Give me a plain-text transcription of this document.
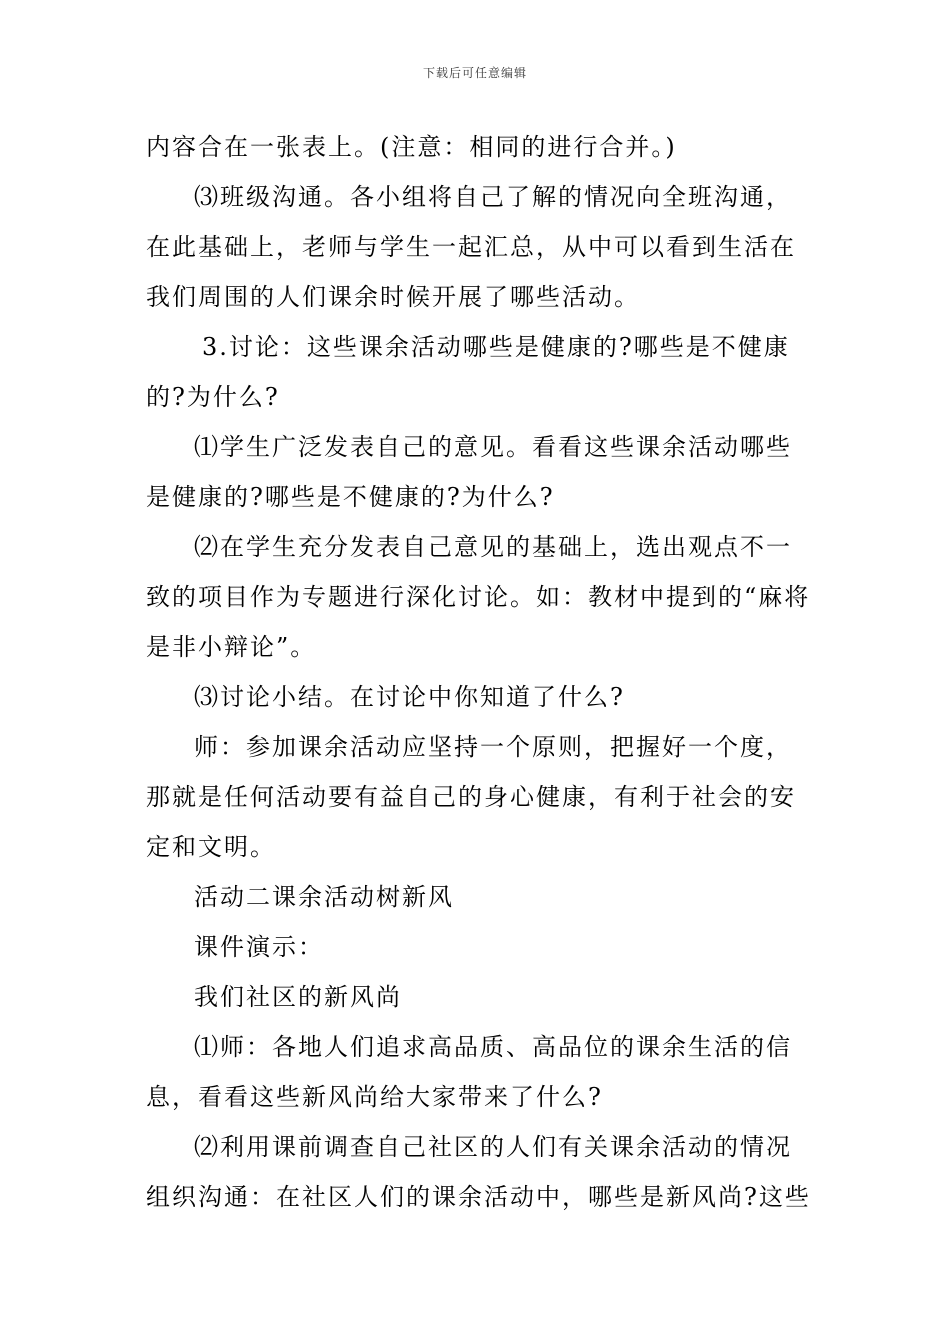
下载后可任意编辑

内容合在一张表上。(注意：相同的进行合并。)

⑶班级沟通。各小组将自己了解的情况向全班沟通，在此基础上，老师与学生一起汇总，从中可以看到生活在我们周围的人们课余时候开展了哪些活动。

3.讨论：这些课余活动哪些是健康的?哪些是不健康的?为什么?

⑴学生广泛发表自己的意见。看看这些课余活动哪些是健康的?哪些是不健康的?为什么?

⑵在学生充分发表自己意见的基础上，选出观点不一致的项目作为专题进行深化讨论。如：教材中提到的“麻将是非小辩论”。

⑶讨论小结。在讨论中你知道了什么?

师：参加课余活动应坚持一个原则，把握好一个度，那就是任何活动要有益自己的身心健康，有利于社会的安定和文明。

活动二课余活动树新风

课件演示：

我们社区的新风尚

⑴师：各地人们追求高品质、高品位的课余生活的信息，看看这些新风尚给大家带来了什么?

⑵利用课前调查自己社区的人们有关课余活动的情况组织沟通：在社区人们的课余活动中，哪些是新风尚?这些
